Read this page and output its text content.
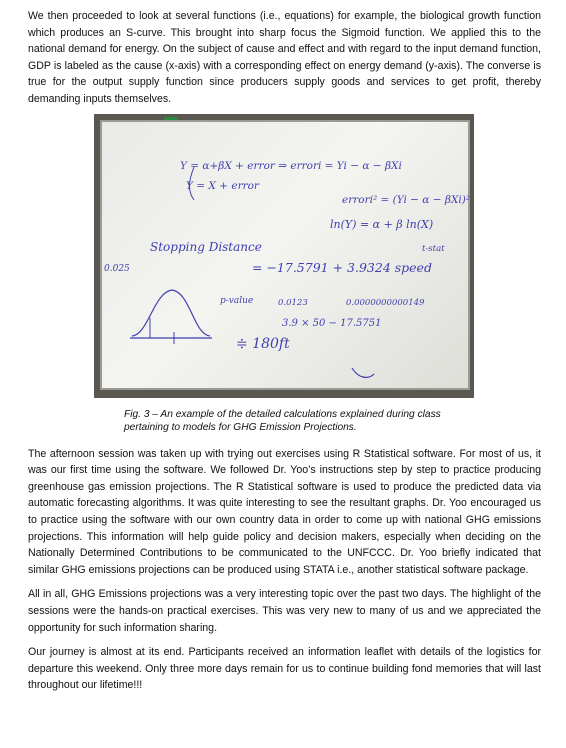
We then proceeded to look at several functions (i.e., equations) for example, the biological growth function which produces an S-curve. This brought into sharp focus the Sigmoid function. We applied this to the national demand for energy. On the subject of cause and effect and with regard to the input demand function, GDP is labeled as the cause (x-axis) with a corresponding effect on energy demand (y-axis). The converse is true for the output supply function since producers supply goods and services to get profit, thereby demanding inputs themselves.

Y = α+βX + error ⇒ errori = Yi − α − βXi
Y = X + error
errori² = (Yi − α − βXi)²
ln(Y) = α + β ln(X)
Stopping Distance	t-stat
0.025	= −17.5791 + 3.9324 speed
p-value	0.0123	0.0000000000149
3.9 × 50 − 17.5751
≑ 180ft

Fig. 3 – An example of the detailed calculations explained during class pertaining to models for GHG Emission Projections.

The afternoon session was taken up with trying out exercises using R Statistical software. For most of us, it was our first time using the software. We followed Dr. Yoo’s instructions step by step to practice producing greenhouse gas emission projections. The R Statistical software is used to produce the predicted data via automatic forecasting algorithms. It was quite interesting to see the resultant graphs. Dr. Yoo encouraged us to practice using the software with our own country data in order to come up with national GHG emissions projections. This information will help guide policy and decision makers, especially when deciding on the Nationally Determined Contributions to be communicated to the UNFCCC. Dr. Yoo briefly indicated that similar GHG emissions projections can be produced using STATA i.e., another statistical software package.

All in all, GHG Emissions projections was a very interesting topic over the past two days. The highlight of the sessions were the hands-on practical exercises. This was very new to many of us and we appreciated the opportunity for such information sharing.

Our journey is almost at its end. Participants received an information leaflet with details of the logistics for departure this weekend. Only three more days remain for us to continue building fond memories that will last throughout our lifetime!!!
